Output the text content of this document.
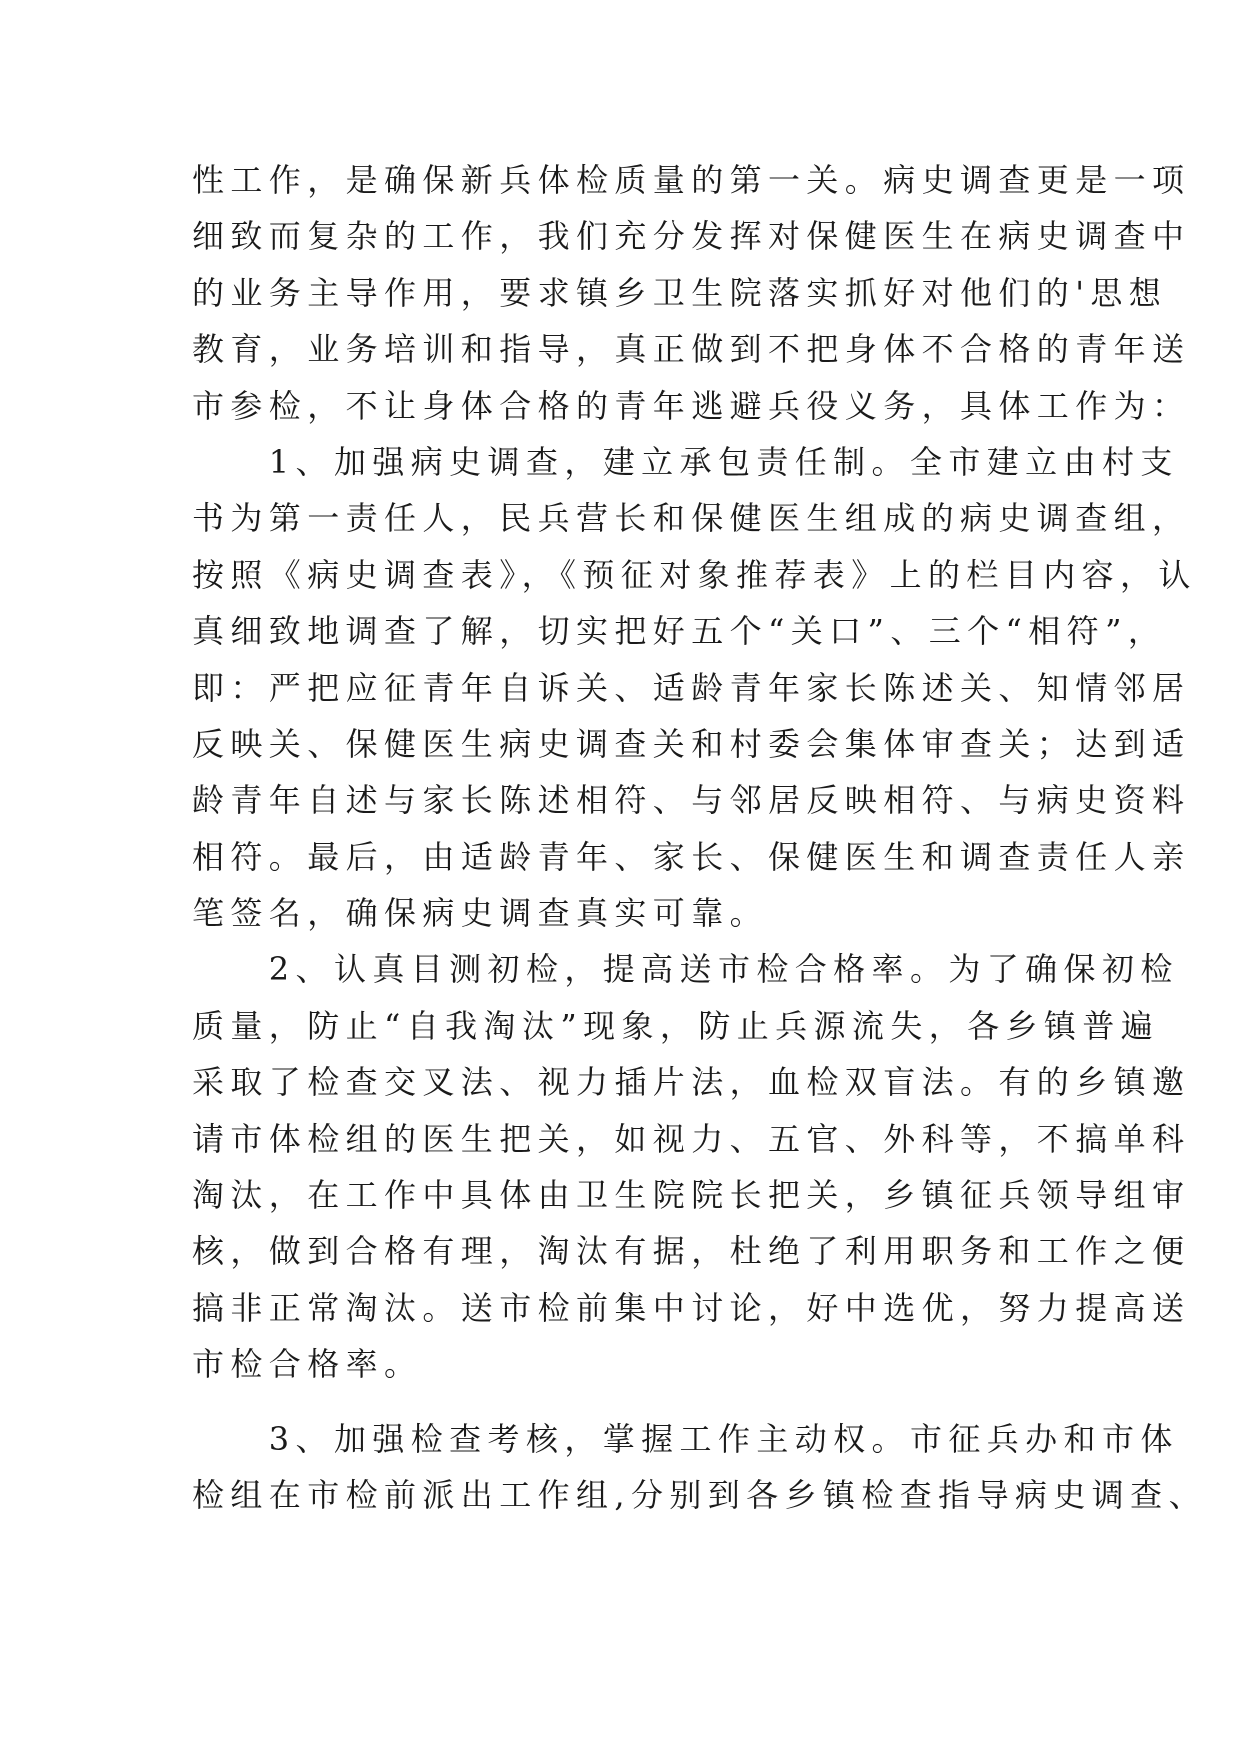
性工作，是确保新兵体检质量的第一关。病史调查更是一项
细致而复杂的工作，我们充分发挥对保健医生在病史调查中
的业务主导作用，要求镇乡卫生院落实抓好对他们的'思想
教育，业务培训和指导，真正做到不把身体不合格的青年送
市参检，不让身体合格的青年逃避兵役义务，具体工作为：
　　1、加强病史调查，建立承包责任制。全市建立由村支
书为第一责任人，民兵营长和保健医生组成的病史调查组，
按照《病史调查表》，《预征对象推荐表》上的栏目内容，认
真细致地调查了解，切实把好五个“关口”、三个“相符”，
即：严把应征青年自诉关、适龄青年家长陈述关、知情邻居
反映关、保健医生病史调查关和村委会集体审查关；达到适
龄青年自述与家长陈述相符、与邻居反映相符、与病史资料
相符。最后，由适龄青年、家长、保健医生和调查责任人亲
笔签名，确保病史调查真实可靠。
　　2、认真目测初检，提高送市检合格率。为了确保初检
质量，防止“自我淘汰”现象，防止兵源流失，各乡镇普遍
采取了检查交叉法、视力插片法，血检双盲法。有的乡镇邀
请市体检组的医生把关，如视力、五官、外科等，不搞单科
淘汰，在工作中具体由卫生院院长把关，乡镇征兵领导组审
核，做到合格有理，淘汰有据，杜绝了利用职务和工作之便
搞非正常淘汰。送市检前集中讨论，好中选优，努力提高送
市检合格率。
　　3、加强检查考核，掌握工作主动权。市征兵办和市体
检组在市检前派出工作组,分别到各乡镇检查指导病史调查、
